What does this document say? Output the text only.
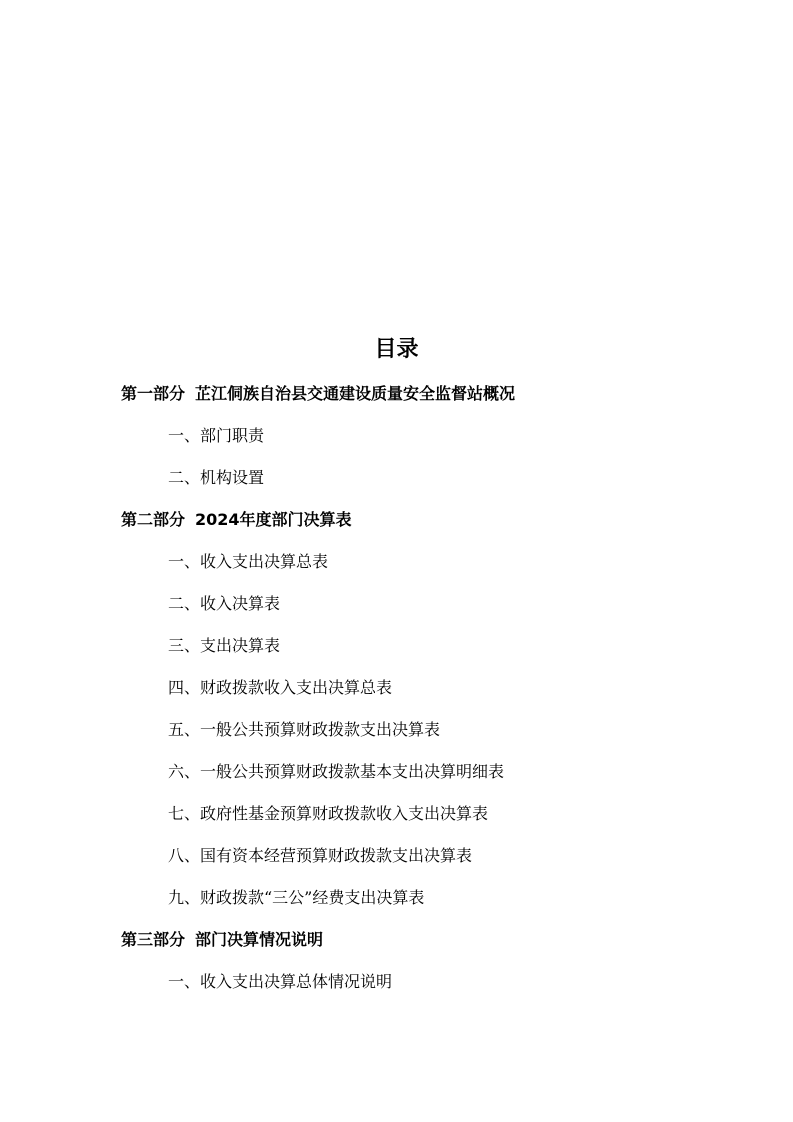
目录
第一部分 芷江侗族自治县交通建设质量安全监督站概况
一、部门职责
二、机构设置
第二部分 2024年度部门决算表
一、收入支出决算总表
二、收入决算表
三、支出决算表
四、财政拨款收入支出决算总表
五、一般公共预算财政拨款支出决算表
六、一般公共预算财政拨款基本支出决算明细表
七、政府性基金预算财政拨款收入支出决算表
八、国有资本经营预算财政拨款支出决算表
九、财政拨款“三公”经费支出决算表
第三部分 部门决算情况说明
一、收入支出决算总体情况说明
